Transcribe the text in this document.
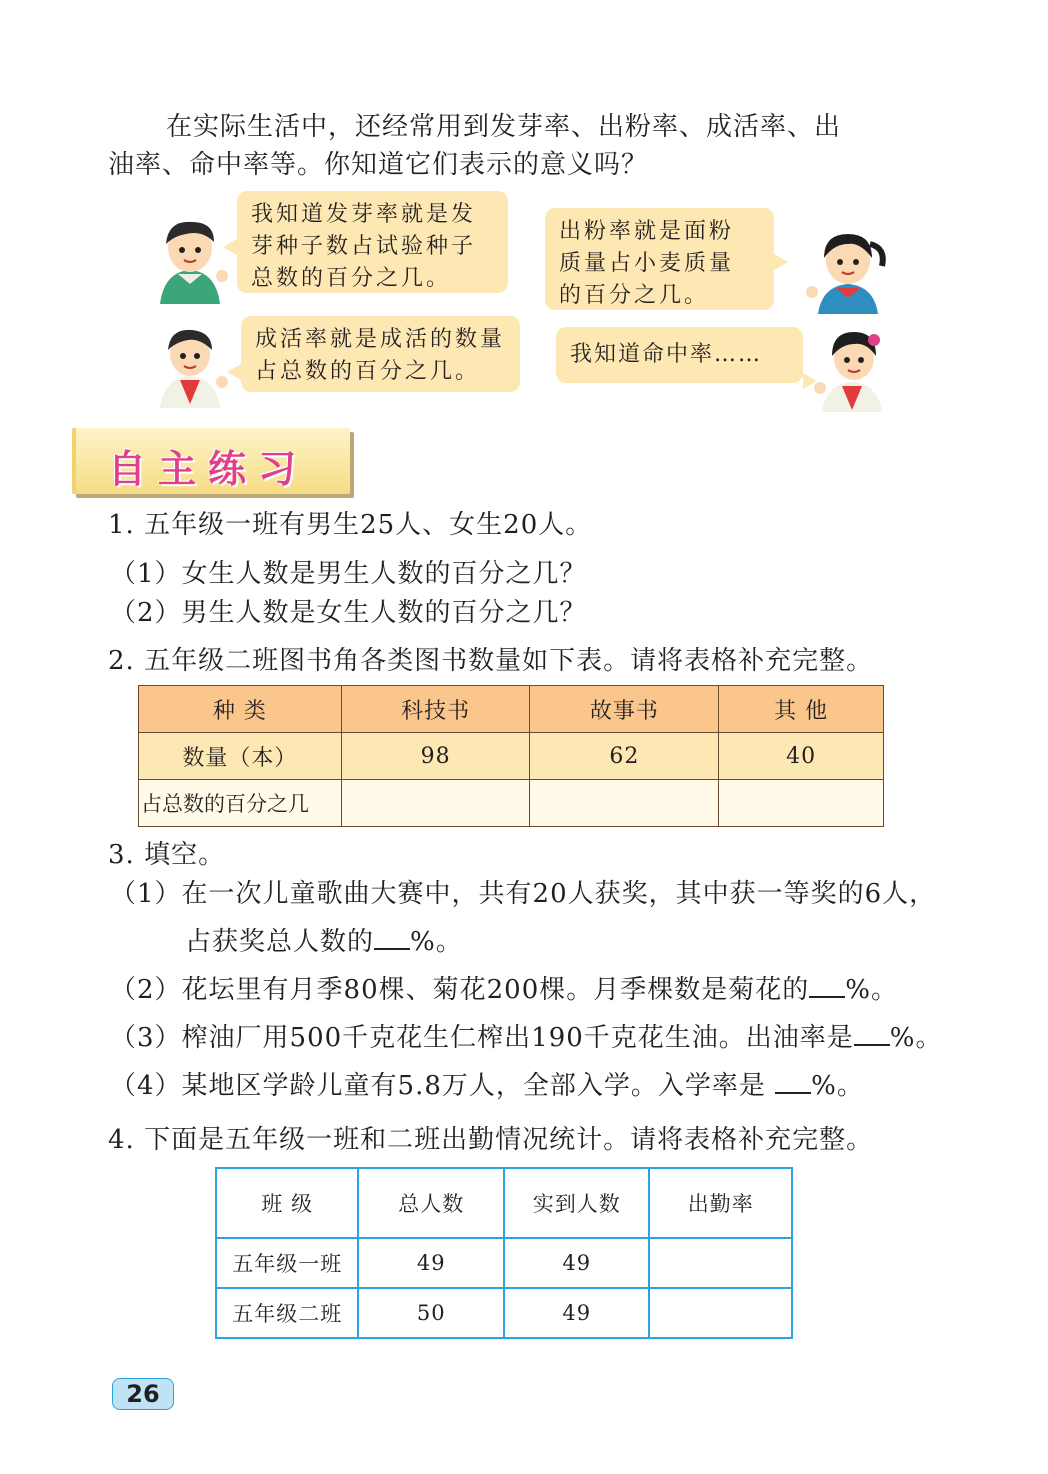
在实际生活中，还经常用到发芽率、出粉率、成活率、出
油率、命中率等。你知道它们表示的意义吗？
我知道发芽率就是发
芽种子数占试验种子
总数的百分之几。
出粉率就是面粉
质量占小麦质量
的百分之几。
成活率就是成活的数量
占总数的百分之几。
我知道命中率……
自主练习
1. 五年级一班有男生25人、女生20人。
（1）女生人数是男生人数的百分之几？
（2）男生人数是女生人数的百分之几？
2. 五年级二班图书角各类图书数量如下表。请将表格补充完整。
种 类	科技书	故事书	其 他
数量（本）	98	62	40
占总数的百分之几			
3. 填空。
（1）在一次儿童歌曲大赛中，共有20人获奖，其中获一等奖的6人，
占获奖总人数的 %。
（2）花坛里有月季80棵、菊花200棵。月季棵数是菊花的 %。
（3）榨油厂用500千克花生仁榨出190千克花生油。出油率是 %。
（4）某地区学龄儿童有5.8万人，全部入学。入学率是 %。
4. 下面是五年级一班和二班出勤情况统计。请将表格补充完整。
班 级	总人数	实到人数	出勤率
五年级一班	49	49	
五年级二班	50	49	
26
